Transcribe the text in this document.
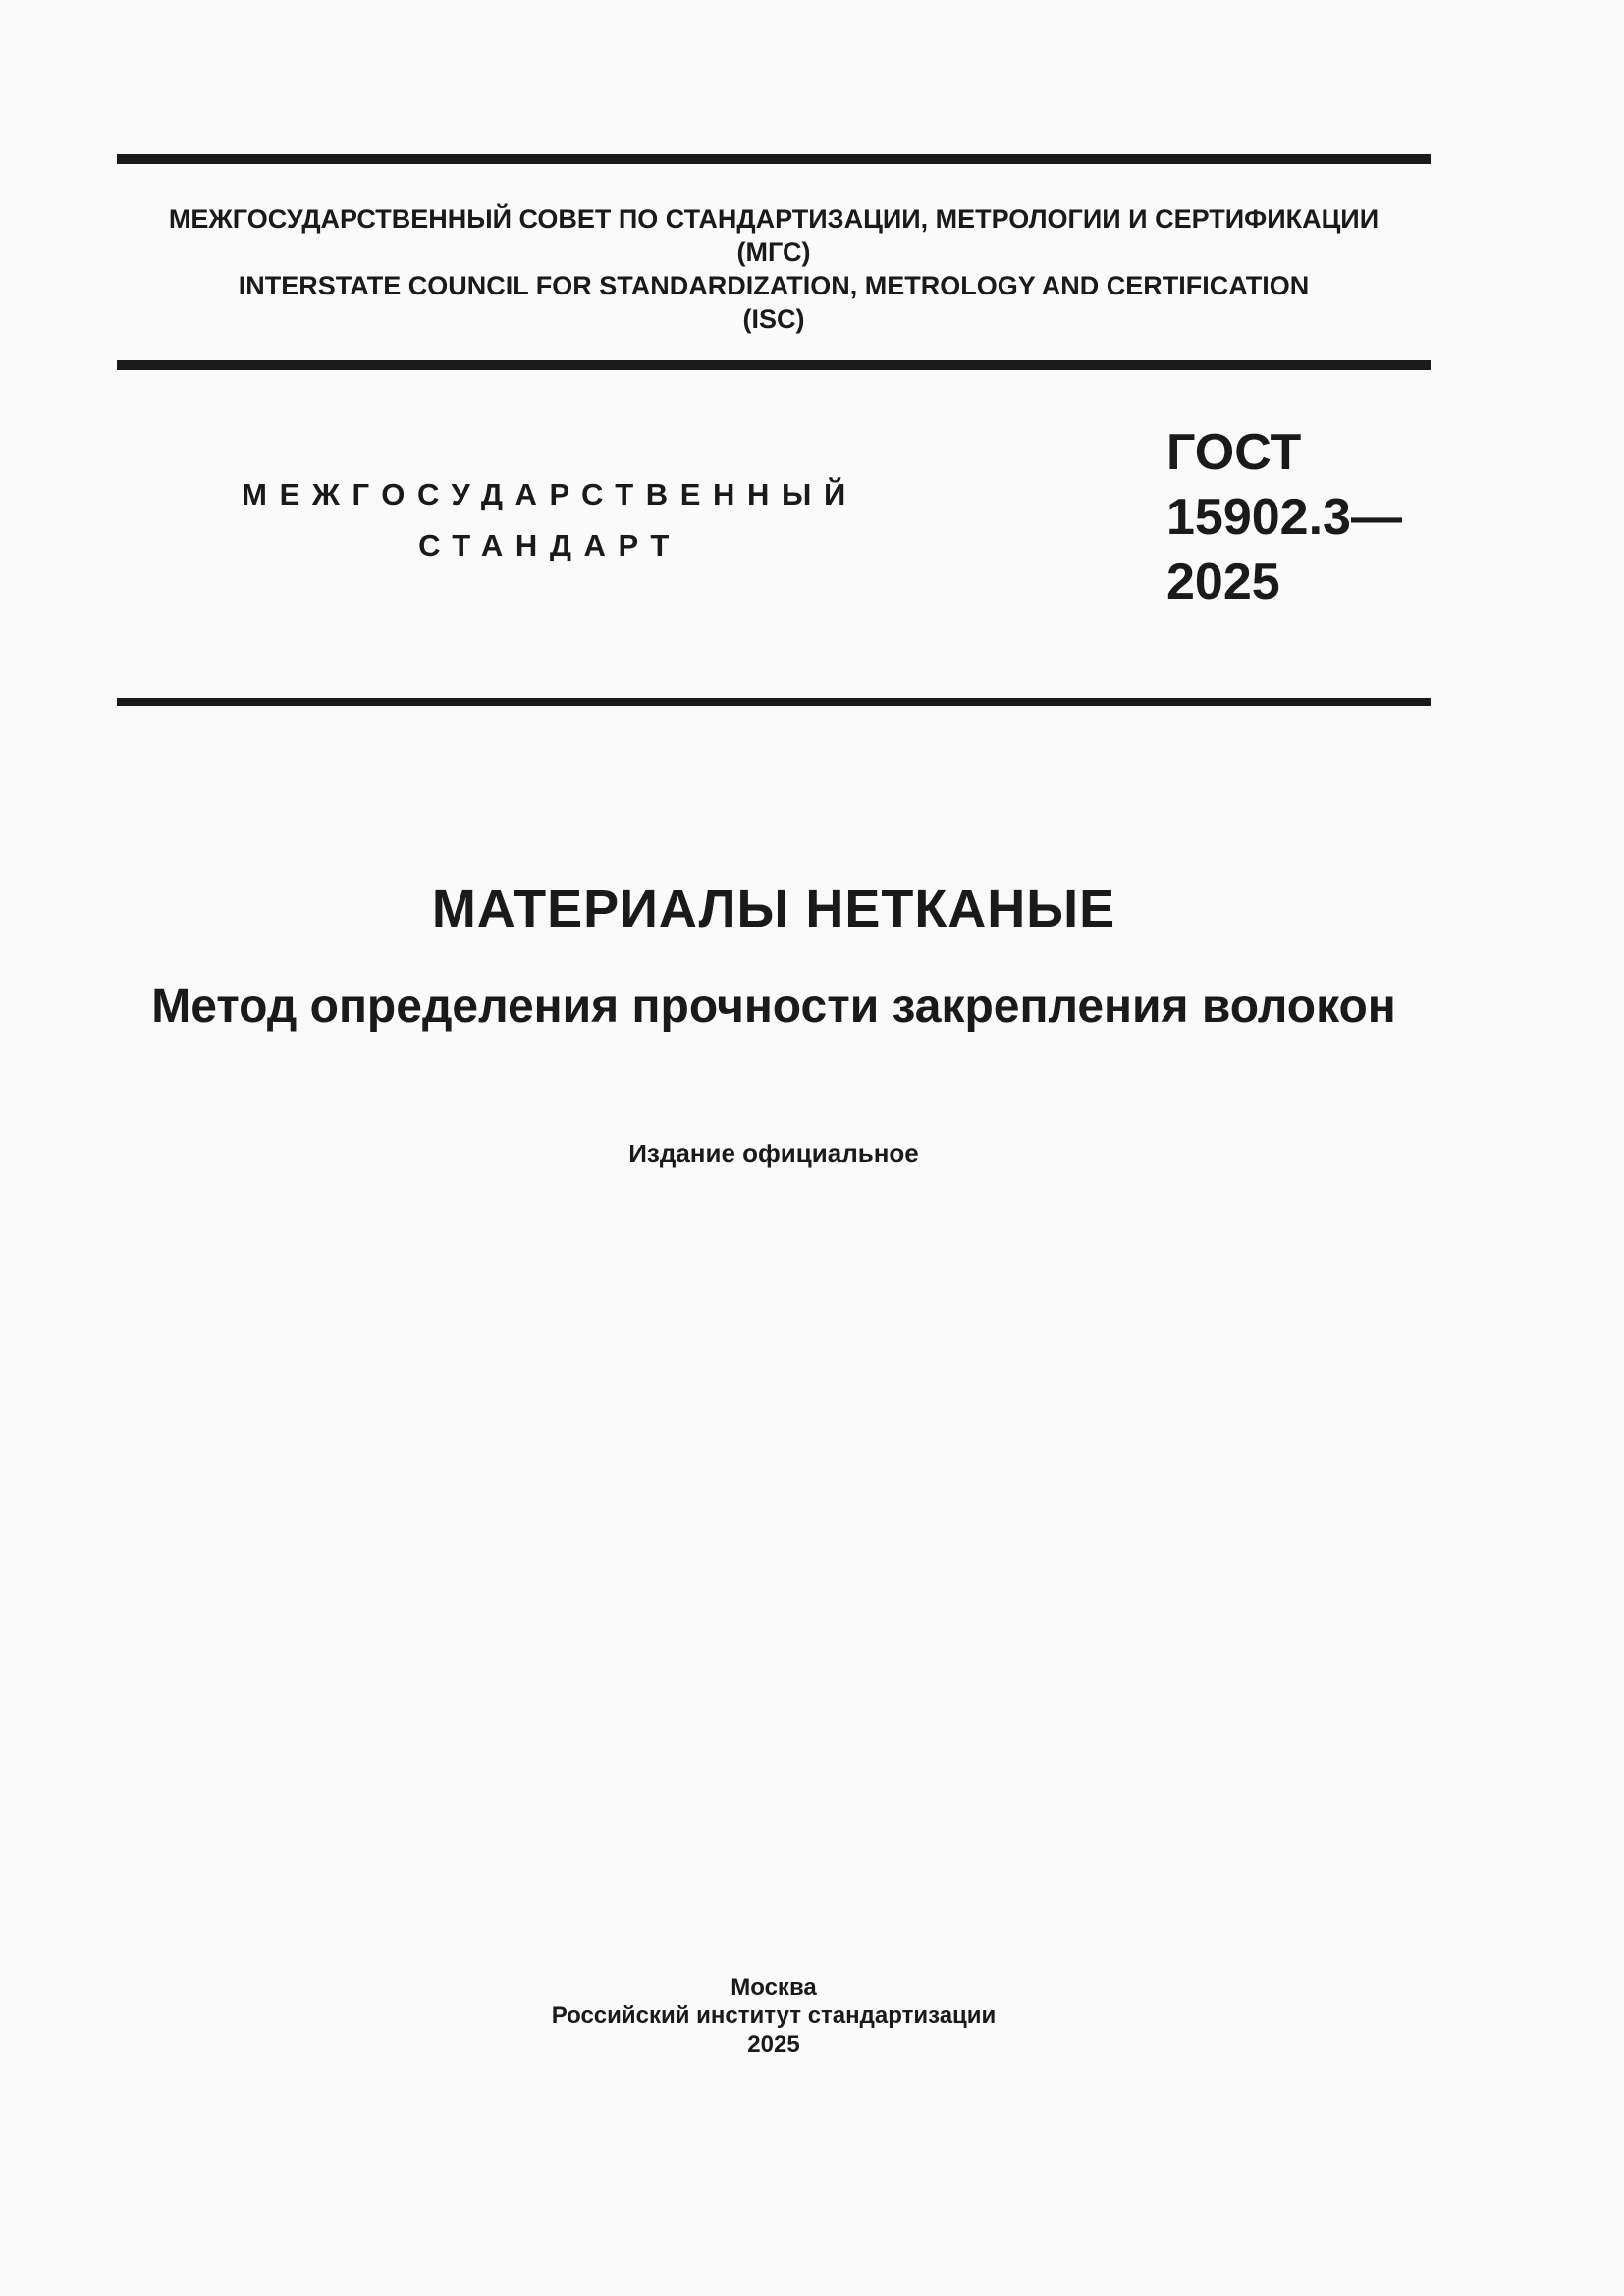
МЕЖГОСУДАРСТВЕННЫЙ СОВЕТ ПО СТАНДАРТИЗАЦИИ, МЕТРОЛОГИИ И СЕРТИФИКАЦИИ
(МГС)
INTERSTATE COUNCIL FOR STANDARDIZATION, METROLOGY AND CERTIFICATION
(ISC)
МЕЖГОСУДАРСТВЕННЫЙ
СТАНДАРТ
ГОСТ
15902.3—
2025
МАТЕРИАЛЫ НЕТКАНЫЕ
Метод определения прочности закрепления волокон
Издание официальное
Москва
Российский институт стандартизации
2025
